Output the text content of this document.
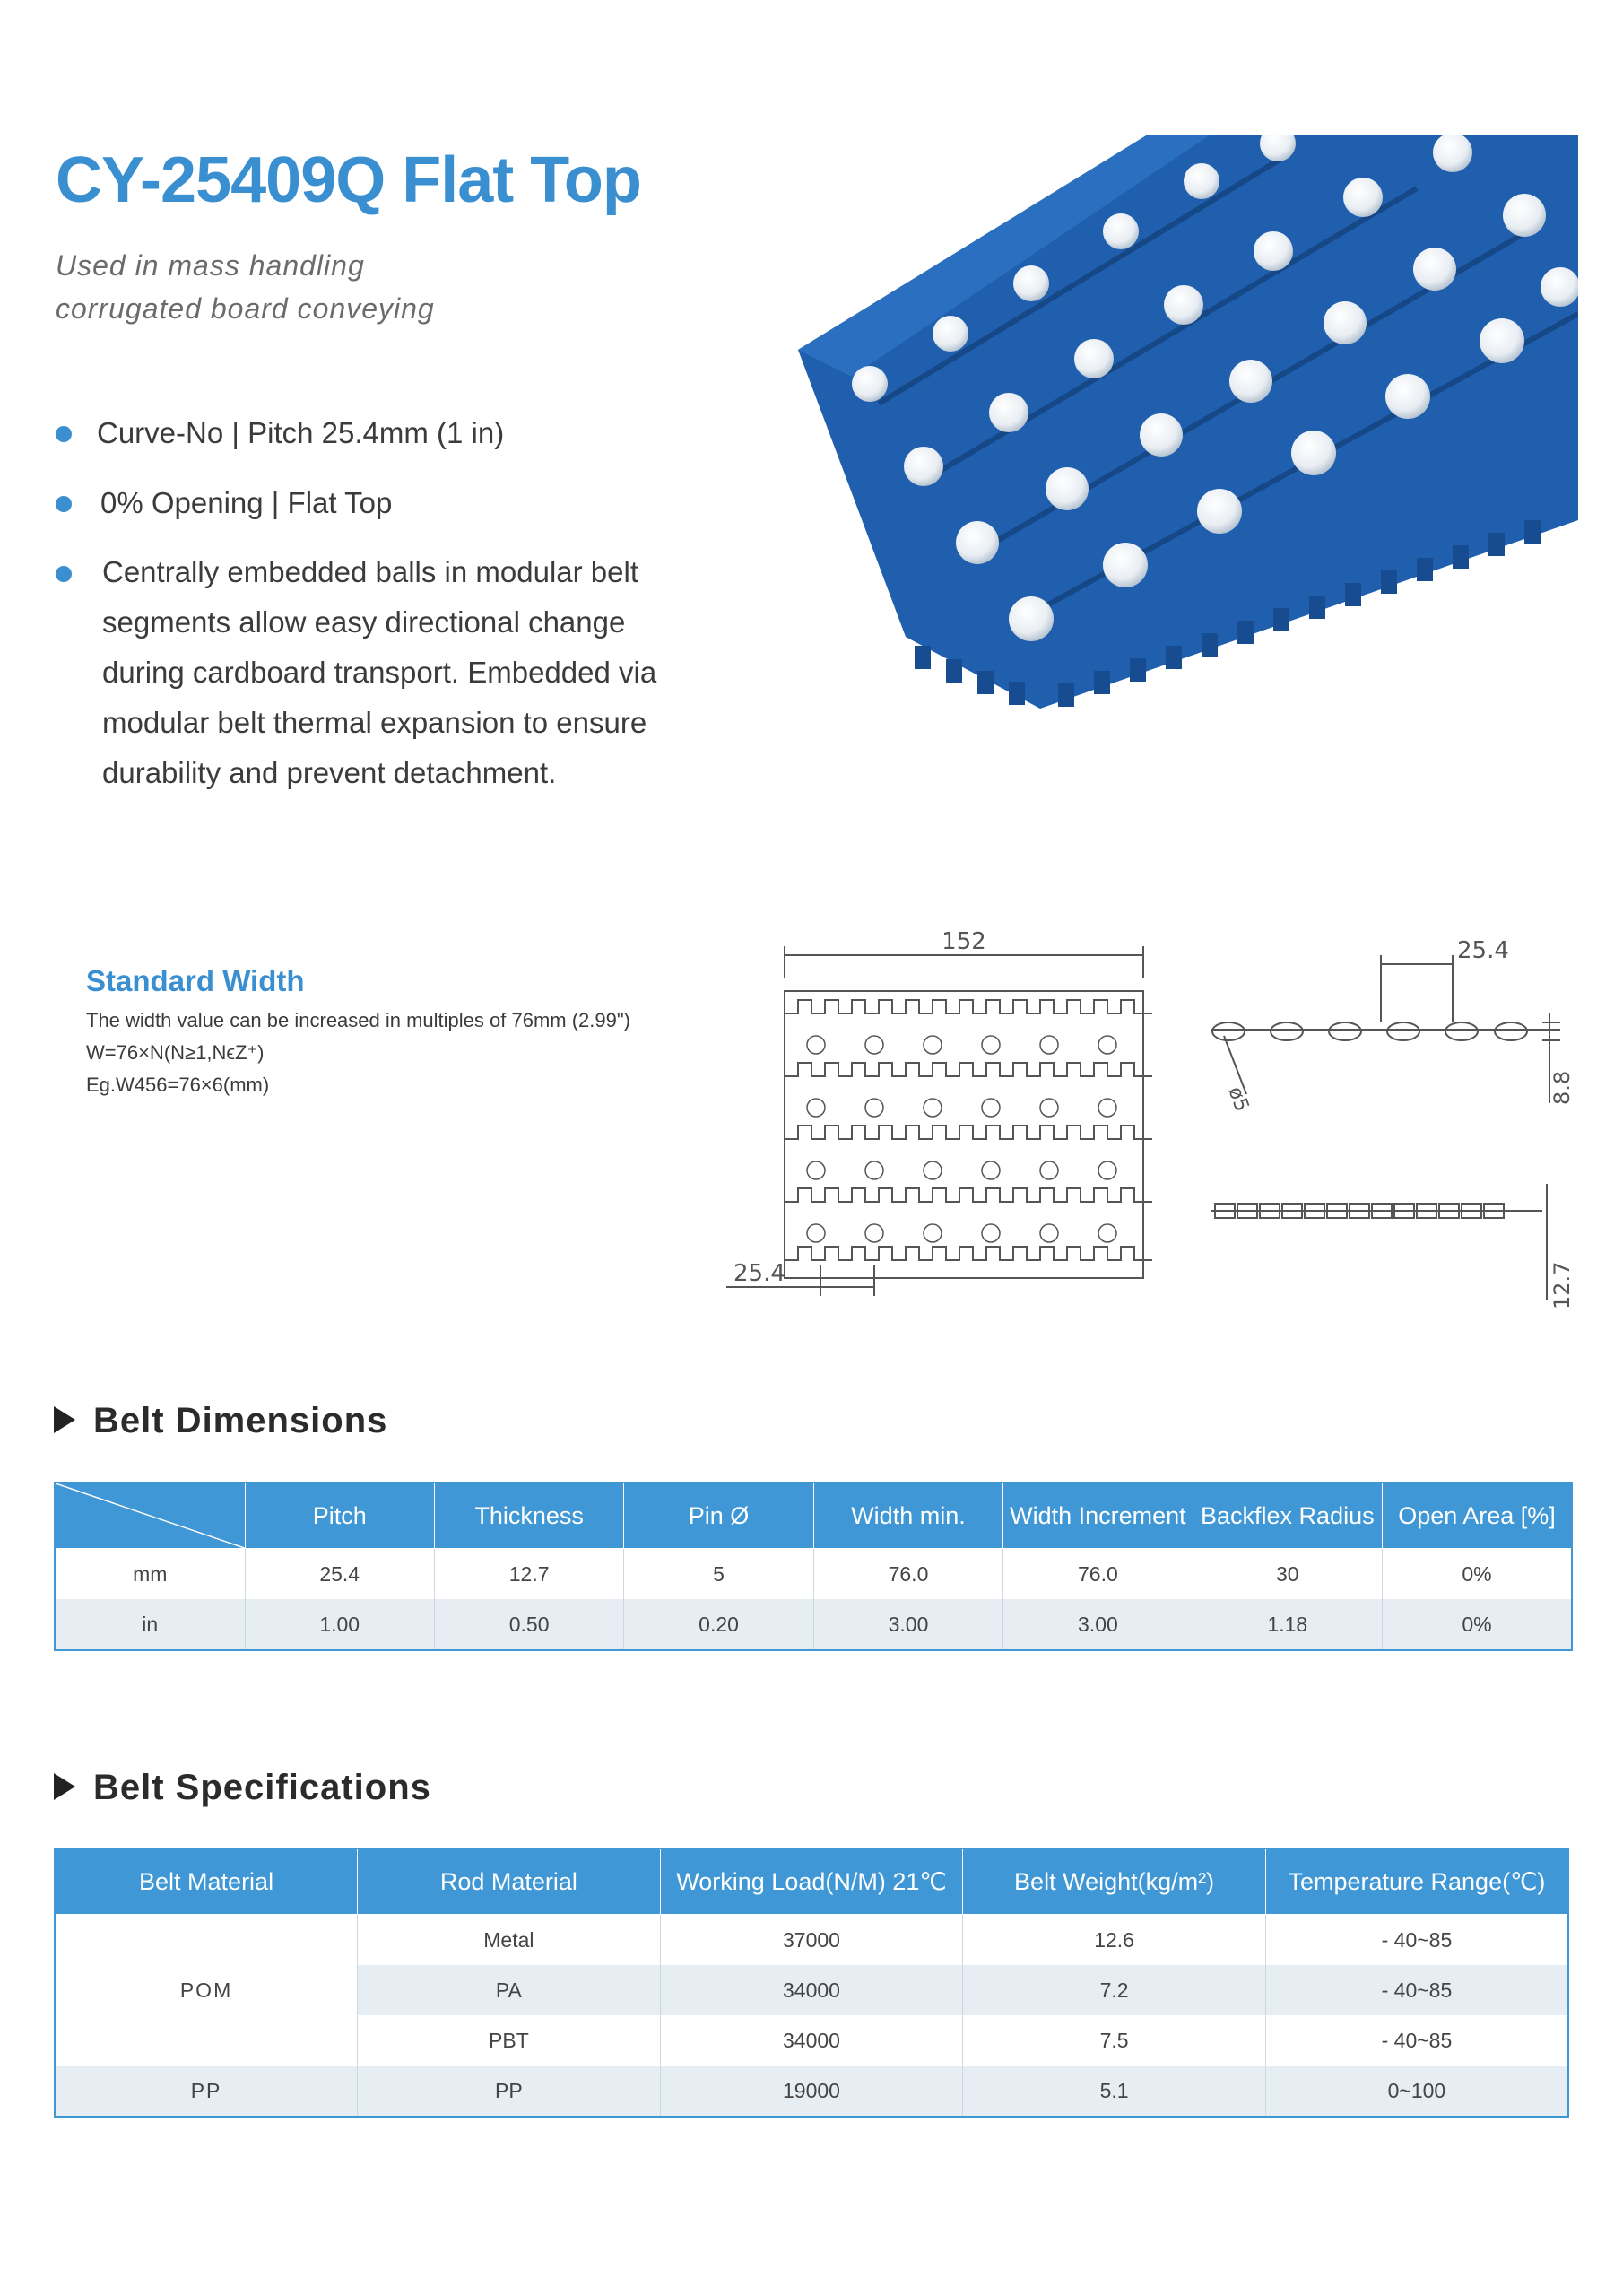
CY-25409Q Flat Top
Used in mass handling
corrugated board conveying
Curve-No | Pitch 25.4mm (1 in)
0% Opening | Flat Top
Centrally embedded balls in modular belt
segments allow easy directional change
during cardboard transport. Embedded via
modular belt thermal expansion to ensure
durability and prevent detachment.
Standard Width
The width value can be increased in multiples of 76mm (2.99")
W=76×N(N≥1,NϵZ⁺)
Eg.W456=76×6(mm)
152
25.4
25.4
ø5	8.8
12.7
Belt Dimensions
	Pitch	Thickness	Pin Ø	Width min.	Width Increment	Backflex Radius	Open Area [%]
mm	25.4	12.7	5	76.0	76.0	30	0%
in	1.00	0.50	0.20	3.00	3.00	1.18	0%
Belt Specifications
Belt Material	Rod Material	Working Load(N/M) 21℃	Belt Weight(kg/m²)	Temperature Range(℃)
POM	Metal	37000	12.6	- 40~85
	PA	34000	7.2	- 40~85
	PBT	34000	7.5	- 40~85
PP	PP	19000	5.1	0~100
